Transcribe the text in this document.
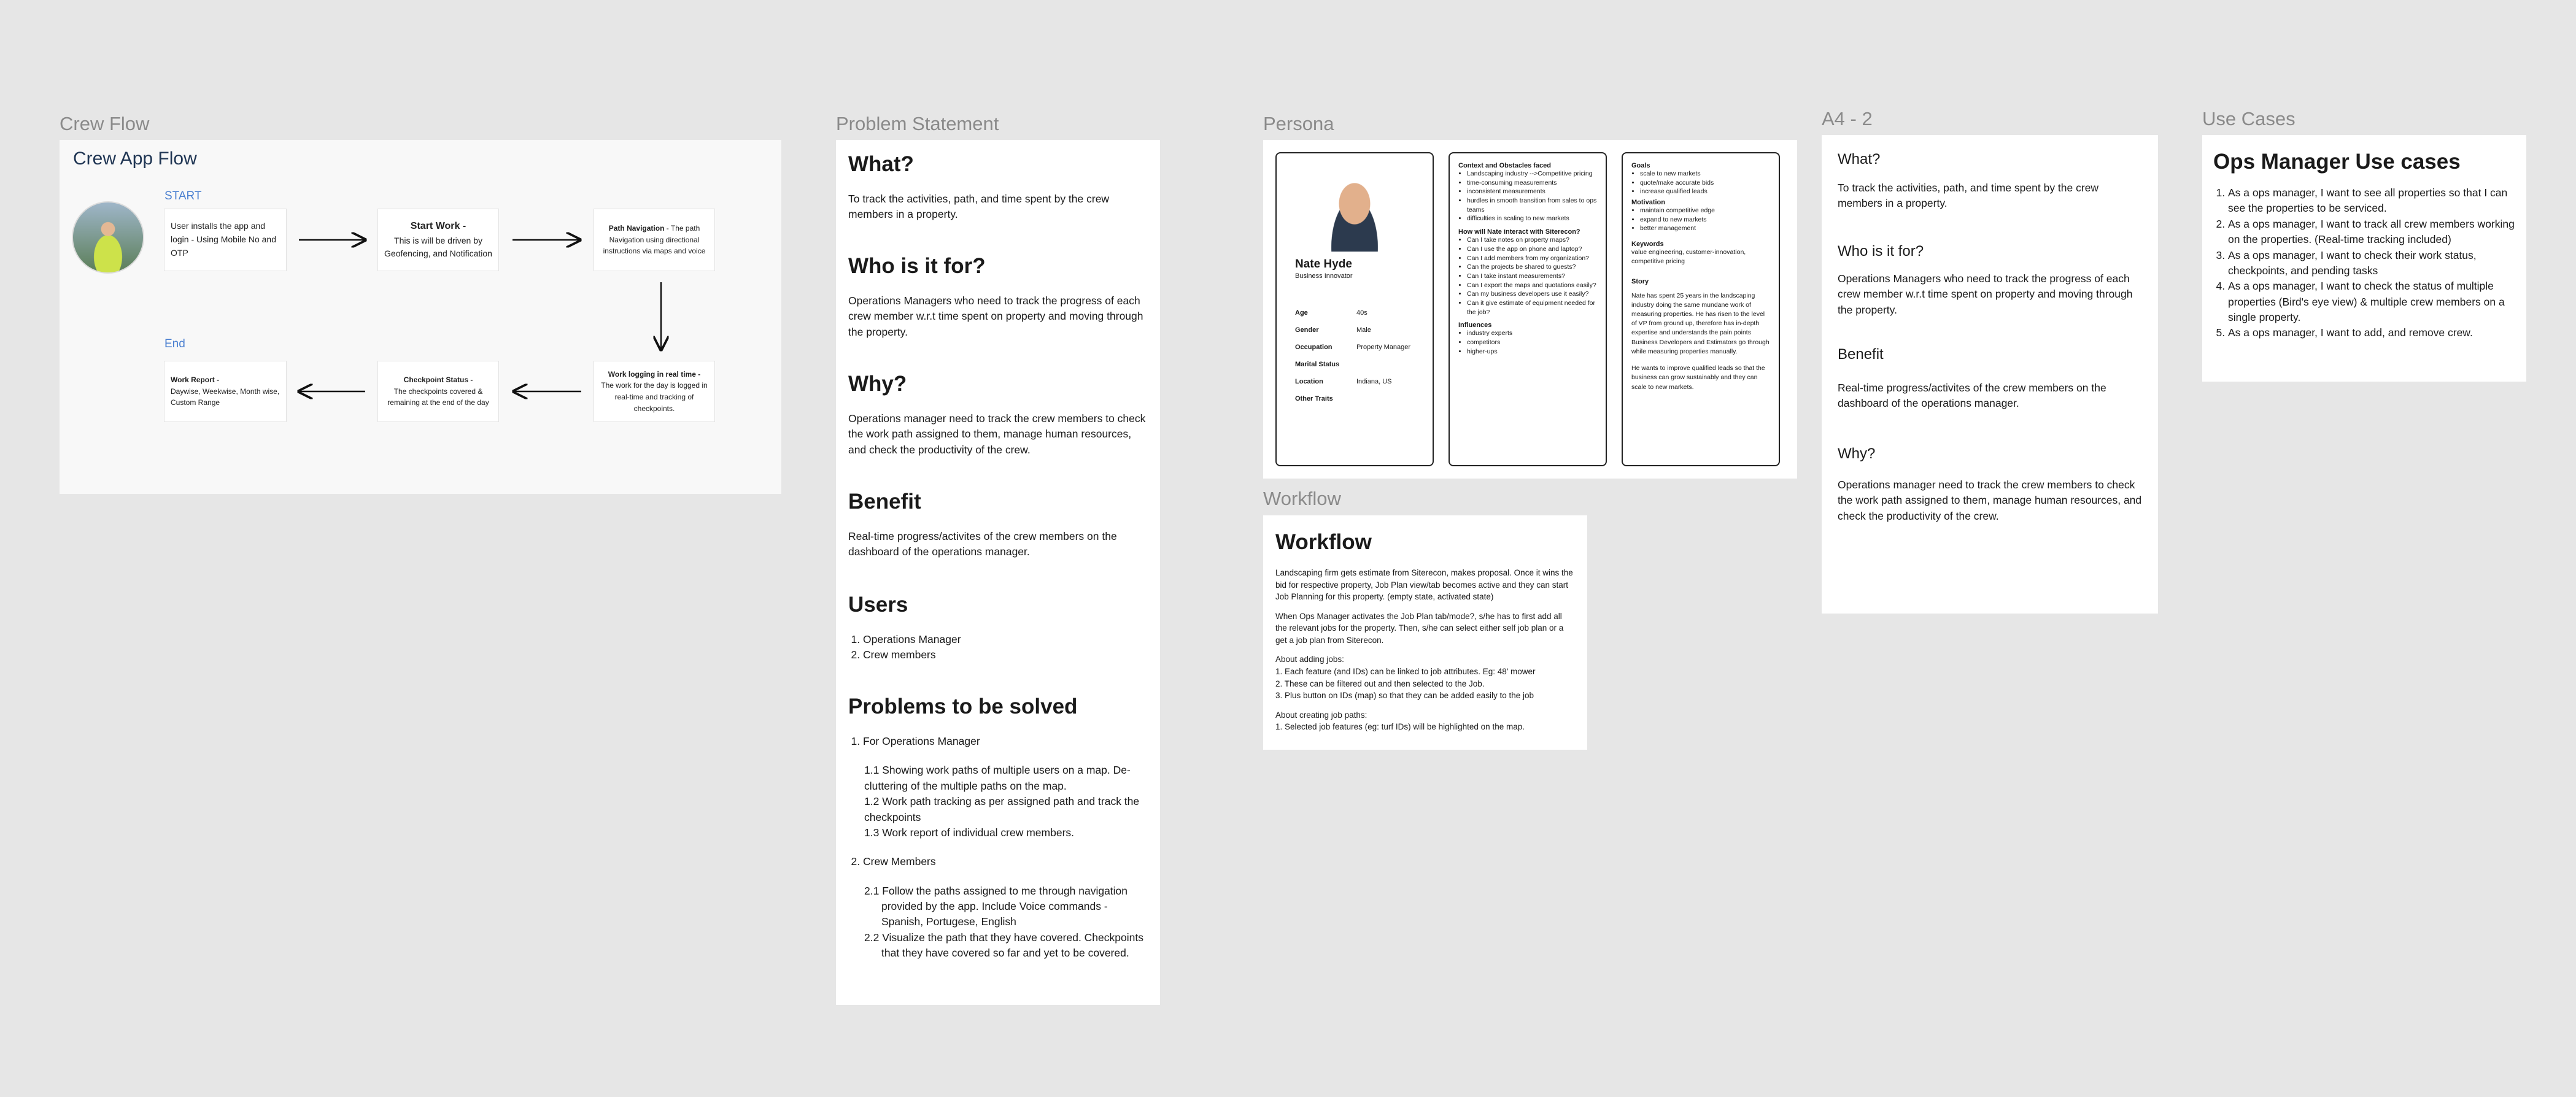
Crew Flow	Problem Statement	Persona
Workflow
A4 - 2	Use Cases
Crew App Flow
START
User installs the app and login - Using Mobile No and OTP
Start Work -
This is will be driven by Geofencing, and Notification
Path Navigation - The path Navigation using directional instructions via maps and voice
End
Work Report -
Daywise, Weekwise, Month wise, Custom Range
Checkpoint Status -
The checkpoints covered & remaining at the end of the day
Work logging in real time -
The work for the day is logged in real-time and tracking of checkpoints.
What?

To track the activities, path, and time spent by the crew members in a property.

Who is it for?

Operations Managers who need to track the progress of each crew member w.r.t time spent on property and moving through the property.

Why?

Operations manager need to track the crew members to check the work path assigned to them, manage human resources, and check the productivity of the crew.

Benefit

Real-time progress/activites of the crew members on the dashboard of the operations manager.

Users
1. Operations Manager
2. Crew members
Problems to be solved
1. For Operations Manager

1.1 Showing work paths of multiple users on a map. De-cluttering of the multiple paths on the map.

1.2 Work path tracking as per assigned path and track the checkpoints

1.3 Work report of individual crew members.

2. Crew Members

2.1 Follow the paths assigned to me through navigation provided by the app. Include Voice commands - Spanish, Portugese, English

2.2 Visualize the path that they have covered. Checkpoints that they have covered so far and yet to be covered.

Nate Hyde
Business Innovator
Age	40s
Gender	Male
Occupation	Property Manager
Marital Status
Location	Indiana, US
Other Traits
Context and Obstacles faced
• Landscaping industry -->Competitive pricing
• time-consuming measurements
• inconsistent measurements
• hurdles in smooth transition from sales to ops teams
• difficulties in scaling to new markets
How will Nate interact with Siterecon?
• Can I take notes on property maps?
• Can I use the app on phone and laptop?
• Can I add members from my organization?
• Can the projects be shared to guests?
• Can I take instant measurements?
• Can I export the maps and quotations easily?
• Can my business developers use it easily?
• Can it give estimate of equipment needed for the job?
Influences
• industry experts
• competitors
• higher-ups
Goals
• scale to new markets
• quote/make accurate bids
• increase qualified leads
Motivation
• maintain competitive edge
• expand to new markets
• better management
Keywords
value engineering, customer-innovation, competitive pricing
Story
Nate has spent 25 years in the landscaping industry doing the same mundane work of measuring properties. He has risen to the level of VP from ground up, therefore has in-depth expertise and understands the pain points Business Developers and Estimators go through while measuring properties manually.
He wants to improve qualified leads so that the business can grow sustainably and they can scale to new markets.
Workflow

Landscaping firm gets estimate from Siterecon, makes proposal. Once it wins the bid for respective property, Job Plan view/tab becomes active and they can start Job Planning for this property. (empty state, activated state)

When Ops Manager activates the Job Plan tab/mode?, s/he has to first add all the relevant jobs for the property. Then, s/he can select either self job plan or a get a job plan from Siterecon.

About adding jobs:

1. Each feature (and IDs) can be linked to job attributes. Eg: 48' mower

2. These can be filtered out and then selected to the Job.

3. Plus button on IDs (map) so that they can be added easily to the job

About creating job paths:

1. Selected job features (eg: turf IDs) will be highlighted on the map.

What?
To track the activities, path, and time spent by the crew members in a property.
Who is it for?
Operations Managers who need to track the progress of each crew member w.r.t time spent on property and moving through the property.
Benefit
Real-time progress/activites of the crew members on the dashboard of the operations manager.
Why?
Operations manager need to track the crew members to check the work path assigned to them, manage human resources, and check the productivity of the crew.
Ops Manager Use cases
1. As a ops manager, I want to see all properties so that I can see the properties to be serviced.
2. As a ops manager, I want to track all crew members working on the properties. (Real-time tracking included)
3. As a ops manager, I want to check their work status, checkpoints, and pending tasks
4. As a ops manager, I want to check the status of multiple properties (Bird's eye view) & multiple crew members on a single property.
5. As a ops manager, I want to add, and remove crew.
